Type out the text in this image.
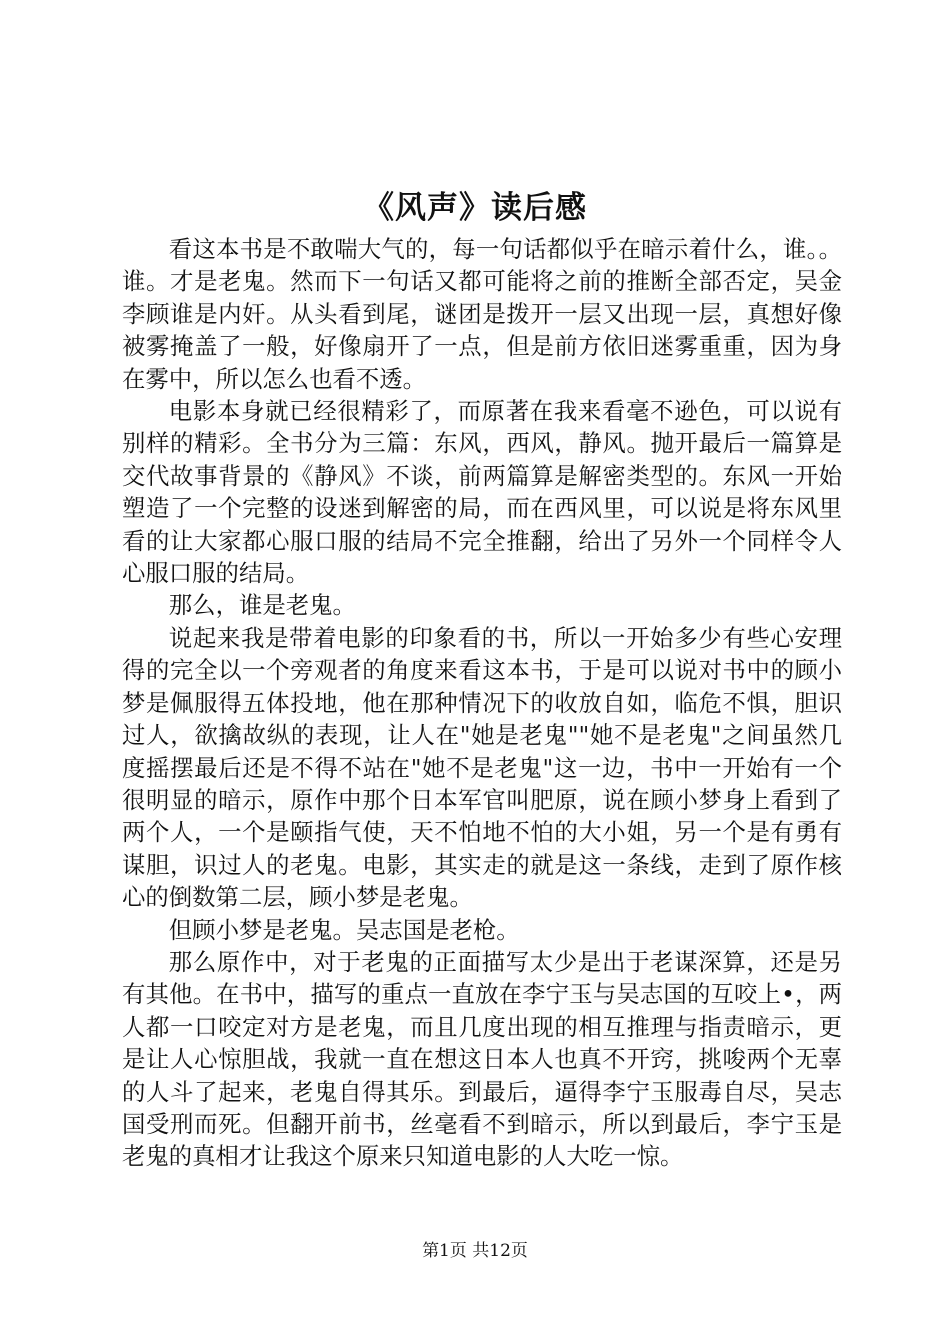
《风声》读后感

看这本书是不敢喘大气的，每一句话都似乎在暗示着什么，谁。。谁。才是老鬼。然而下一句话又都可能将之前的推断全部否定，吴金李顾谁是内奸。从头看到尾，谜团是拨开一层又出现一层，真想好像被雾掩盖了一般，好像扇开了一点，但是前方依旧迷雾重重，因为身在雾中，所以怎么也看不透。

电影本身就已经很精彩了，而原著在我来看毫不逊色，可以说有别样的精彩。全书分为三篇：东风，西风，静风。抛开最后一篇算是交代故事背景的《静风》不谈，前两篇算是解密类型的。东风一开始塑造了一个完整的设迷到解密的局，而在西风里，可以说是将东风里看的让大家都心服口服的结局不完全推翻，给出了另外一个同样令人心服口服的结局。

那么，谁是老鬼。

说起来我是带着电影的印象看的书，所以一开始多少有些心安理得的完全以一个旁观者的角度来看这本书，于是可以说对书中的顾小梦是佩服得五体投地，他在那种情况下的收放自如，临危不惧，胆识过人，欲擒故纵的表现，让人在"她是老鬼""她不是老鬼"之间虽然几度摇摆最后还是不得不站在"她不是老鬼"这一边，书中一开始有一个很明显的暗示，原作中那个日本军官叫肥原，说在顾小梦身上看到了两个人，一个是颐指气使，天不怕地不怕的大小姐，另一个是有勇有谋胆，识过人的老鬼。电影，其实走的就是这一条线，走到了原作核心的倒数第二层，顾小梦是老鬼。

但顾小梦是老鬼。吴志国是老枪。

那么原作中，对于老鬼的正面描写太少是出于老谋深算，还是另有其他。在书中，描写的重点一直放在李宁玉与吴志国的互咬上•，两人都一口咬定对方是老鬼，而且几度出现的相互推理与指责暗示，更是让人心惊胆战，我就一直在想这日本人也真不开窍，挑唆两个无辜的人斗了起来，老鬼自得其乐。到最后，逼得李宁玉服毒自尽，吴志国受刑而死。但翻开前书，丝毫看不到暗示，所以到最后，李宁玉是老鬼的真相才让我这个原来只知道电影的人大吃一惊。

第1页 共12页
